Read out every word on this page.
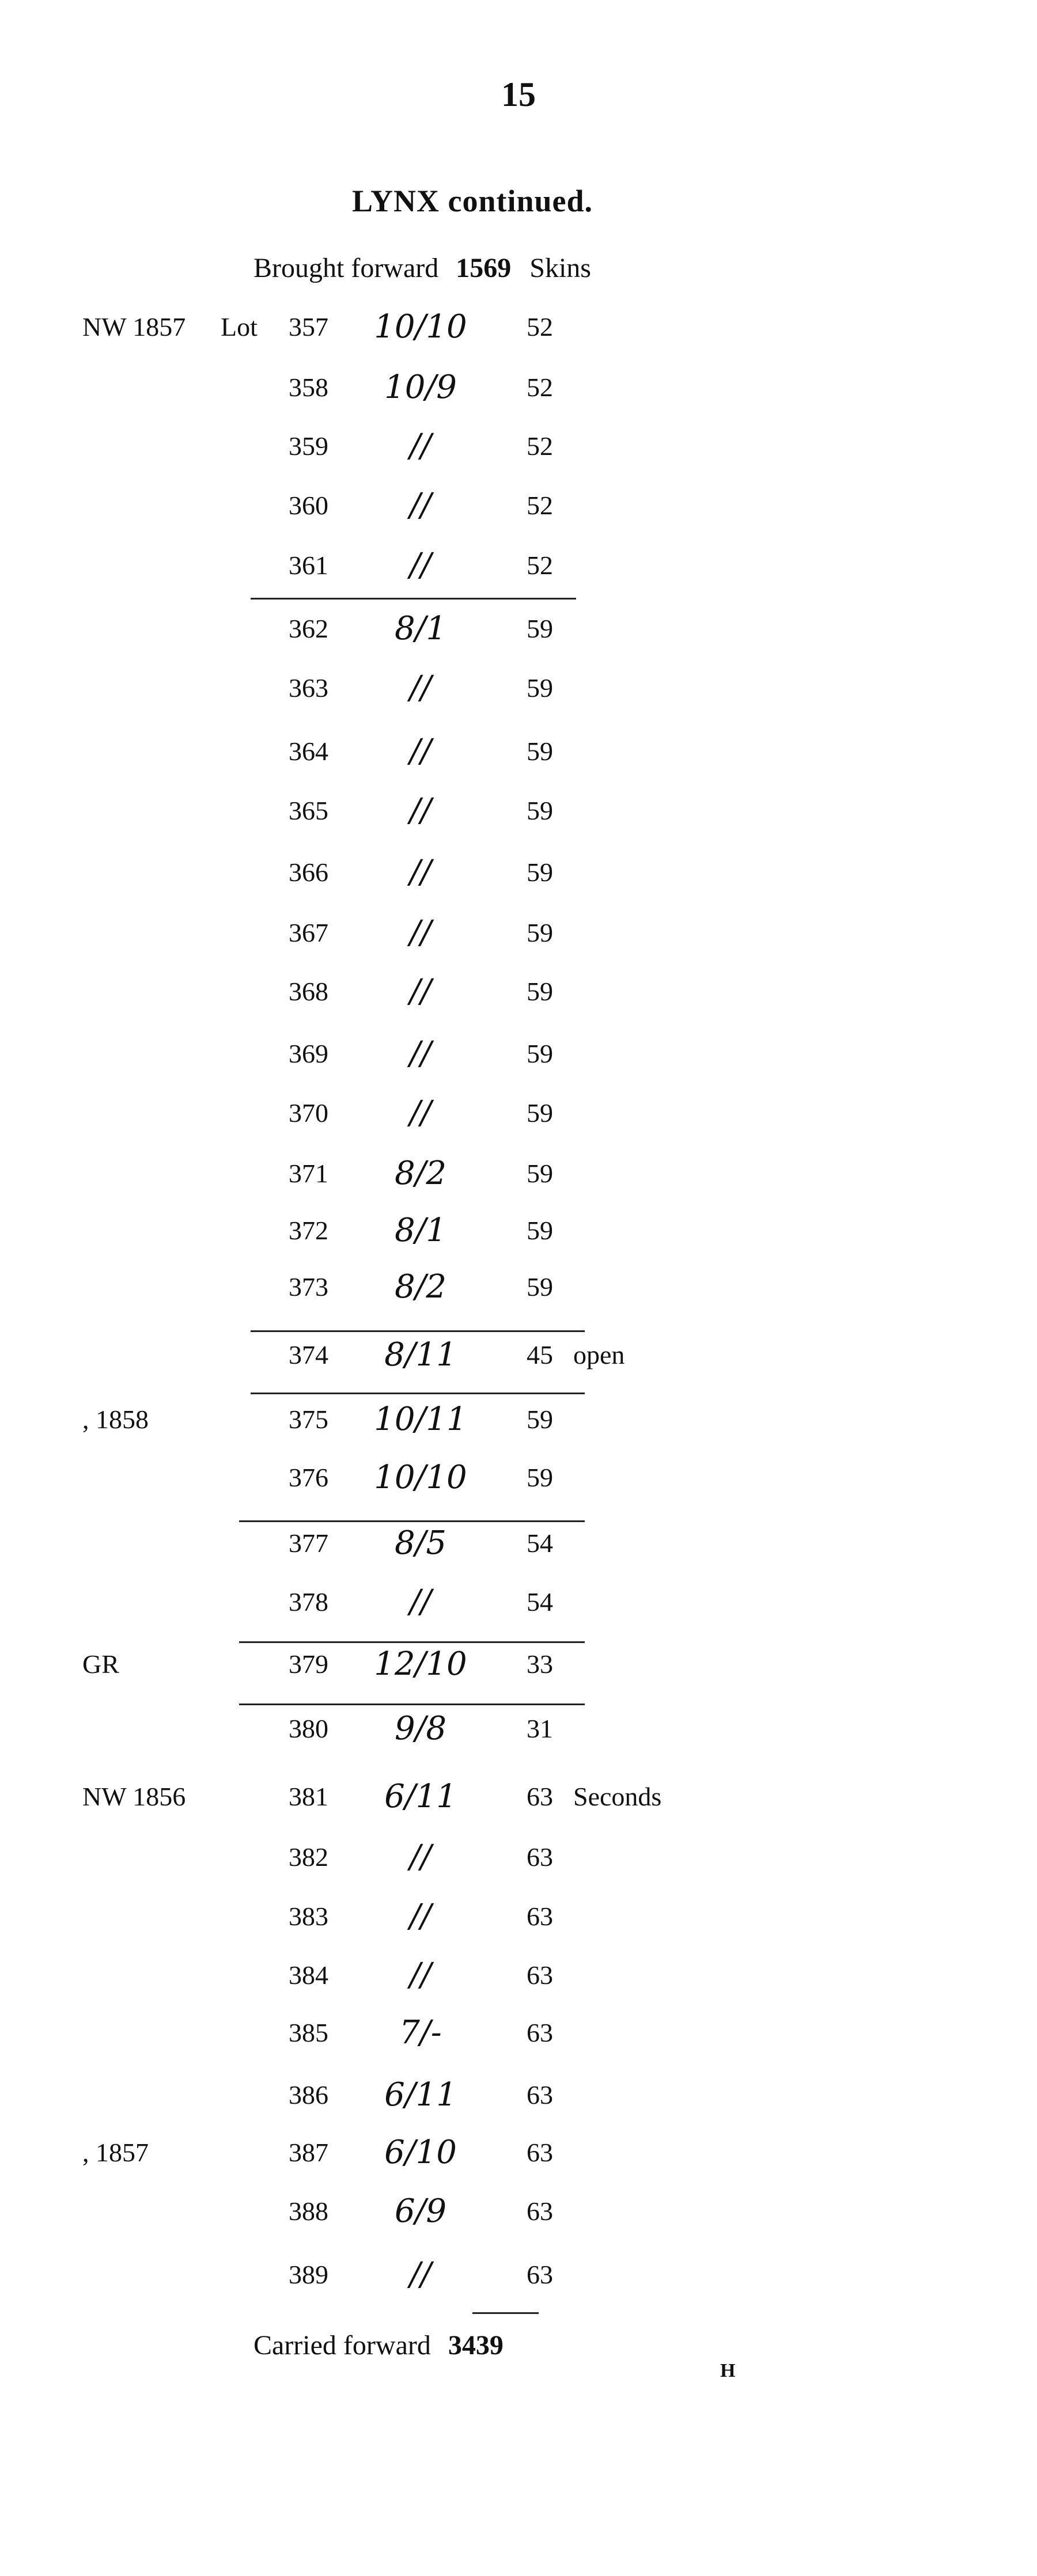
15
LYNX continued.
Brought forward 1569 Skins
NW 1857 Lot	357	10/10	52
358	10/9	52
359	//	52
360	//	52
361	//	52
362	8/1	59
363	//	59
364	//	59
365	//	59
366	//	59
367	//	59
368	//	59
369	//	59
370	//	59
371	8/2	59
372	8/1	59
373	8/2	59
374	8/11	45 open
, 1858	375	10/11	59
376	10/10	59
377	8/5	54
378	//	54
GR	379	12/10	33
380	9/8	31
NW 1856	381	6/11	63 Seconds
382	//	63
383	//	63
384	//	63
385	7/-	63
386	6/11	63
, 1857	387	6/10	63
388	6/9	63
389	//	63
Carried forward 3439
H
